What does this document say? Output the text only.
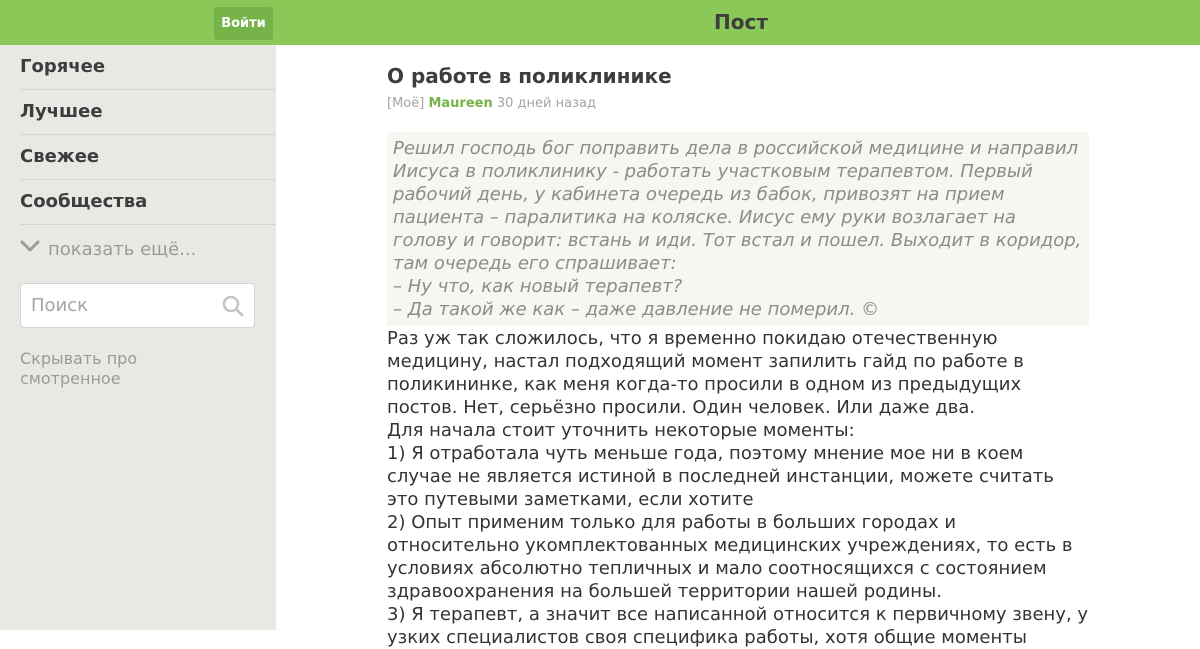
Войти	Пост
Горячее
Лучшее
Свежее
Сообщества
показать ещё...
Поиск
Скрывать просмотренное
О работе в поликлинике
[Моё] Maureen 30 дней назад
Решил господь бог поправить дела в российской медицине и направил Иисуса в поликлинику - работать участковым терапевтом. Первый рабочий день, у кабинета очередь из бабок, привозят на прием пациента – паралитика на коляске. Иисус ему руки возлагает на голову и говорит: встань и иди. Тот встал и пошел. Выходит в коридор, там очередь его спрашивает:
– Ну что, как новый терапевт?
– Да такой же как – даже давление не померил. ©
Раз уж так сложилось, что я временно покидаю отечественную медицину, настал подходящий момент запилить гайд по работе в поликининке, как меня когда-то просили в одном из предыдущих постов. Нет, серьёзно просили. Один человек. Или даже два.
Для начала стоит уточнить некоторые моменты:
1) Я отработала чуть меньше года, поэтому мнение мое ни в коем случае не является истиной в последней инстанции, можете считать это путевыми заметками, если хотите
2) Опыт применим только для работы в больших городах и относительно укомплектованных медицинских учреждениях, то есть в условиях абсолютно тепличных и мало соотносящихся с состоянием здравоохранения на большей территории нашей родины.
3) Я терапевт, а значит все написанной относится к первичному звену, у узких специалистов своя специфика работы, хотя общие моменты
